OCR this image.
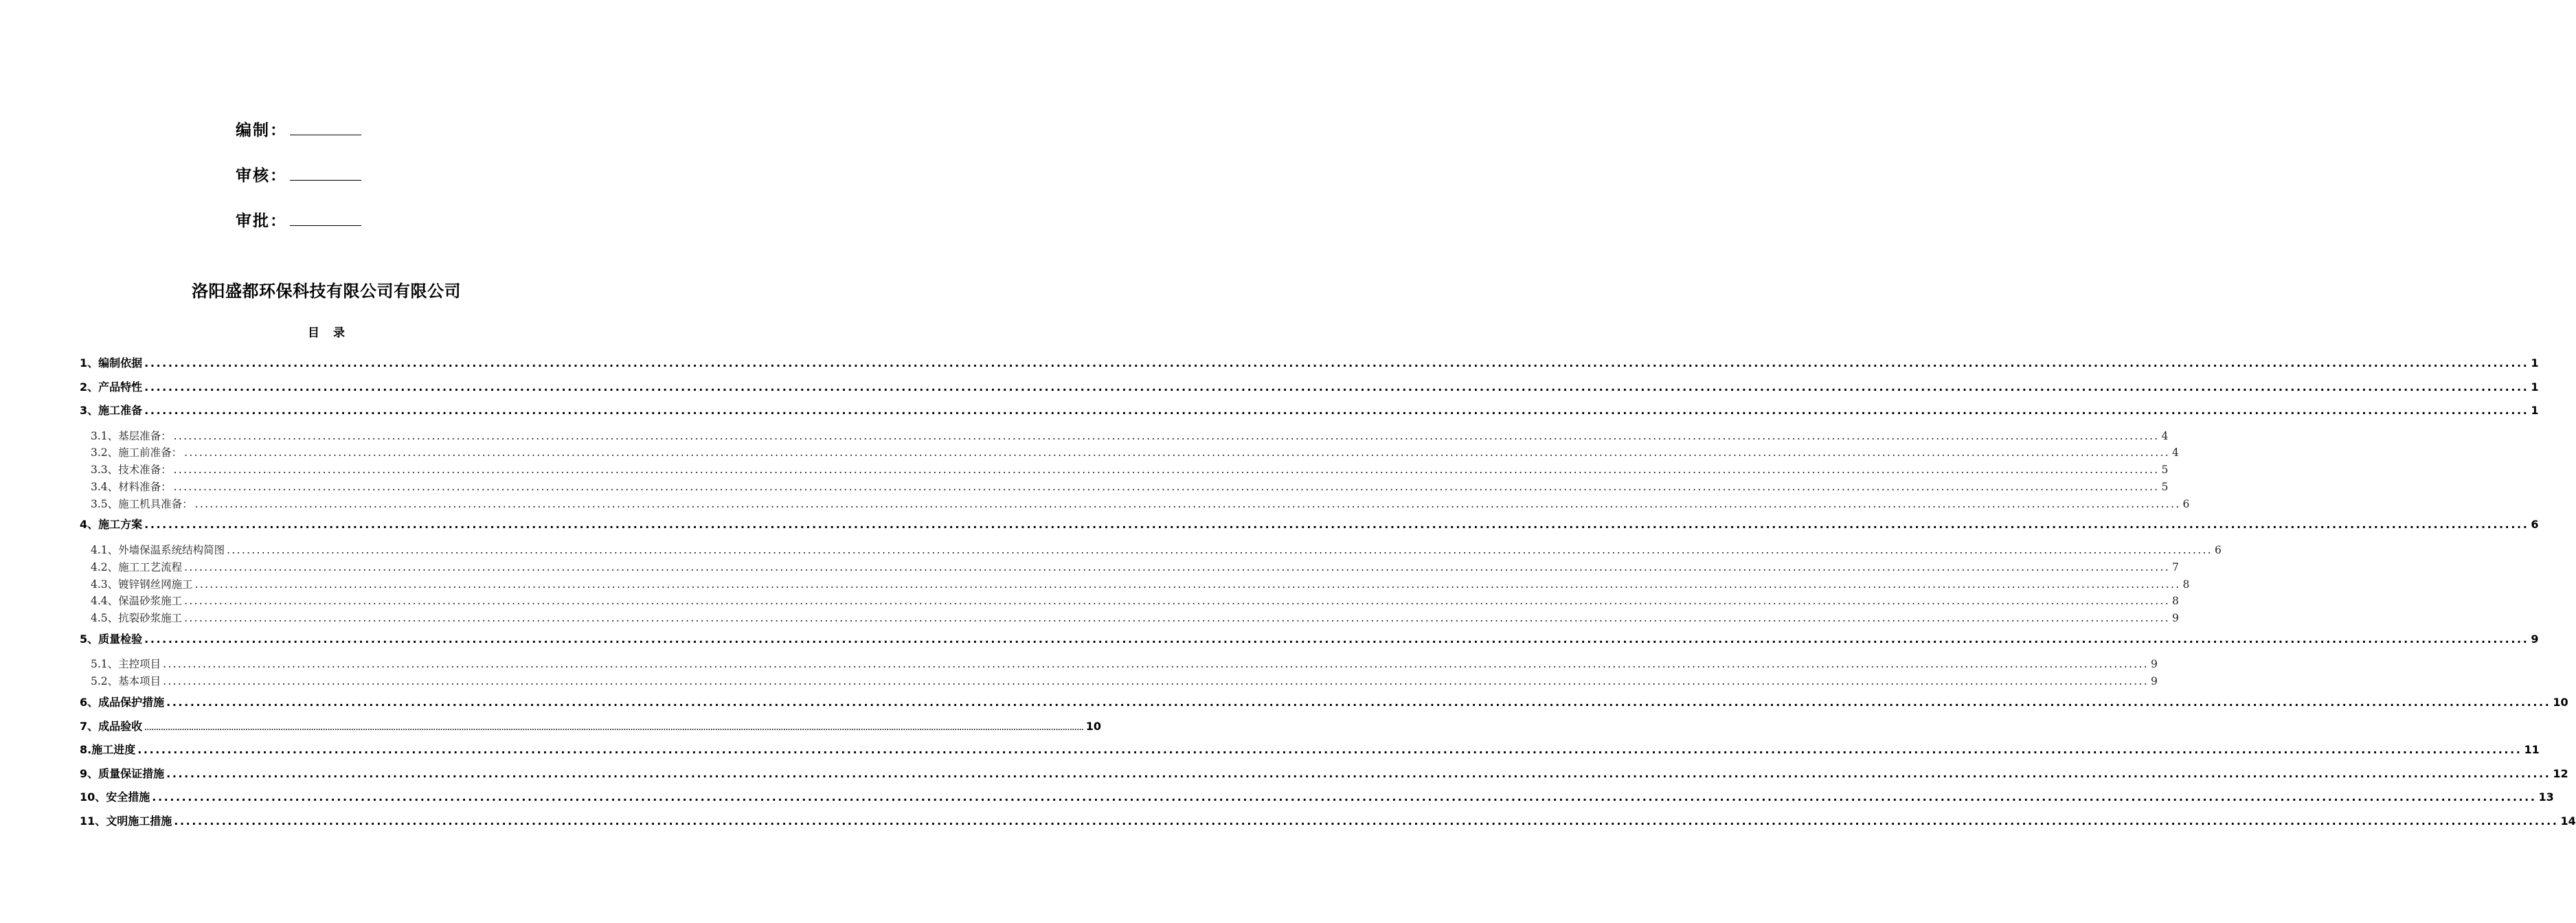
编制：
审核：
审批：
洛阳盛都环保科技有限公司有限公司
目 录
1、编制依据 ................................................................................................................................................................................................................................................................................................................................................................................................................ 1
2、产品特性 ................................................................................................................................................................................................................................................................................................................................................................................................................ 1
3、施工准备 ................................................................................................................................................................................................................................................................................................................................................................................................................ 1
3.1、基层准备： ................................................................................................................................................................................................................................................................................................................................................................................................................ 4
3.2、施工前准备： ................................................................................................................................................................................................................................................................................................................................................................................................................ 4
3.3、技术准备： ................................................................................................................................................................................................................................................................................................................................................................................................................ 5
3.4、材料准备： ................................................................................................................................................................................................................................................................................................................................................................................................................ 5
3.5、施工机具准备： ................................................................................................................................................................................................................................................................................................................................................................................................................ 6
4、施工方案 ................................................................................................................................................................................................................................................................................................................................................................................................................ 6
4.1、外墙保温系统结构简图 ................................................................................................................................................................................................................................................................................................................................................................................................................ 6
4.2、施工工艺流程 ................................................................................................................................................................................................................................................................................................................................................................................................................ 7
4.3、镀锌钢丝网施工 ................................................................................................................................................................................................................................................................................................................................................................................................................ 8
4.4、保温砂浆施工 ................................................................................................................................................................................................................................................................................................................................................................................................................ 8
4.5、抗裂砂浆施工 ................................................................................................................................................................................................................................................................................................................................................................................................................ 9
5、质量检验 ................................................................................................................................................................................................................................................................................................................................................................................................................ 9
5.1、主控项目 ................................................................................................................................................................................................................................................................................................................................................................................................................ 9
5.2、基本项目 ................................................................................................................................................................................................................................................................................................................................................................................................................ 9
6、成品保护措施 ................................................................................................................................................................................................................................................................................................................................................................................................................ 10
7、成品验收 ................................................................................................................................................................................................................................................................................................................................................................................................................ 10
8.施工进度 ................................................................................................................................................................................................................................................................................................................................................................................................................ 11
9、质量保证措施 ................................................................................................................................................................................................................................................................................................................................................................................................................ 12
10、安全措施 ................................................................................................................................................................................................................................................................................................................................................................................................................ 13
11、文明施工措施 ................................................................................................................................................................................................................................................................................................................................................................................................................ 14
